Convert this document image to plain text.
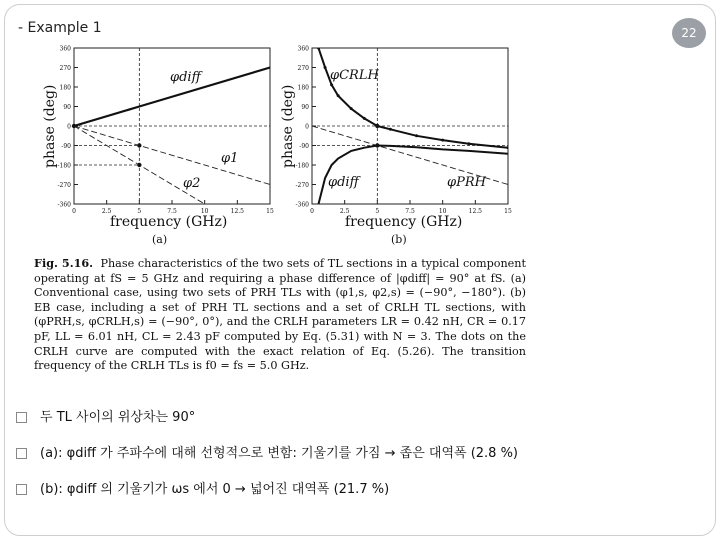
- Example 1	22
360
270
180
90
0
-90
-180
-270
-360
0	2.5	5	7.5	10	12.5	15
phase (deg)
frequency (GHz)
(a)
φdiff
φ1
φ2
360
270
180
90
0
-90
-180
-270
-360
0	2.5	5	7.5	10	12.5	15
phase (deg)
frequency (GHz)
(b)
φCRLH
φdiff	φPRH

Fig. 5.16. Phase characteristics of the two sets of TL sections in a typical component operating at fS = 5 GHz and requiring a phase difference of |φdiff| = 90° at fS. (a) Conventional case, using two sets of PRH TLs with (φ1,s, φ2,s) = (−90°, −180°). (b) EB case, including a set of PRH TL sections and a set of CRLH TL sections, with (φPRH,s, φCRLH,s) = (−90°, 0°), and the CRLH parameters LR = 0.42 nH, CR = 0.17 pF, LL = 6.01 nH, CL = 2.43 pF computed by Eq. (5.31) with N = 3. The dots on the CRLH curve are computed with the exact relation of Eq. (5.26). The transition frequency of the CRLH TLs is f0 = fs = 5.0 GHz.

두 TL 사이의 위상차는 90°
(a): φdiff 가 주파수에 대해 선형적으로 변함: 기울기를 가짐 → 좁은 대역폭 (2.8 %)
(b): φdiff 의 기울기가 ωs 에서 0 → 넓어진 대역폭 (21.7 %)
